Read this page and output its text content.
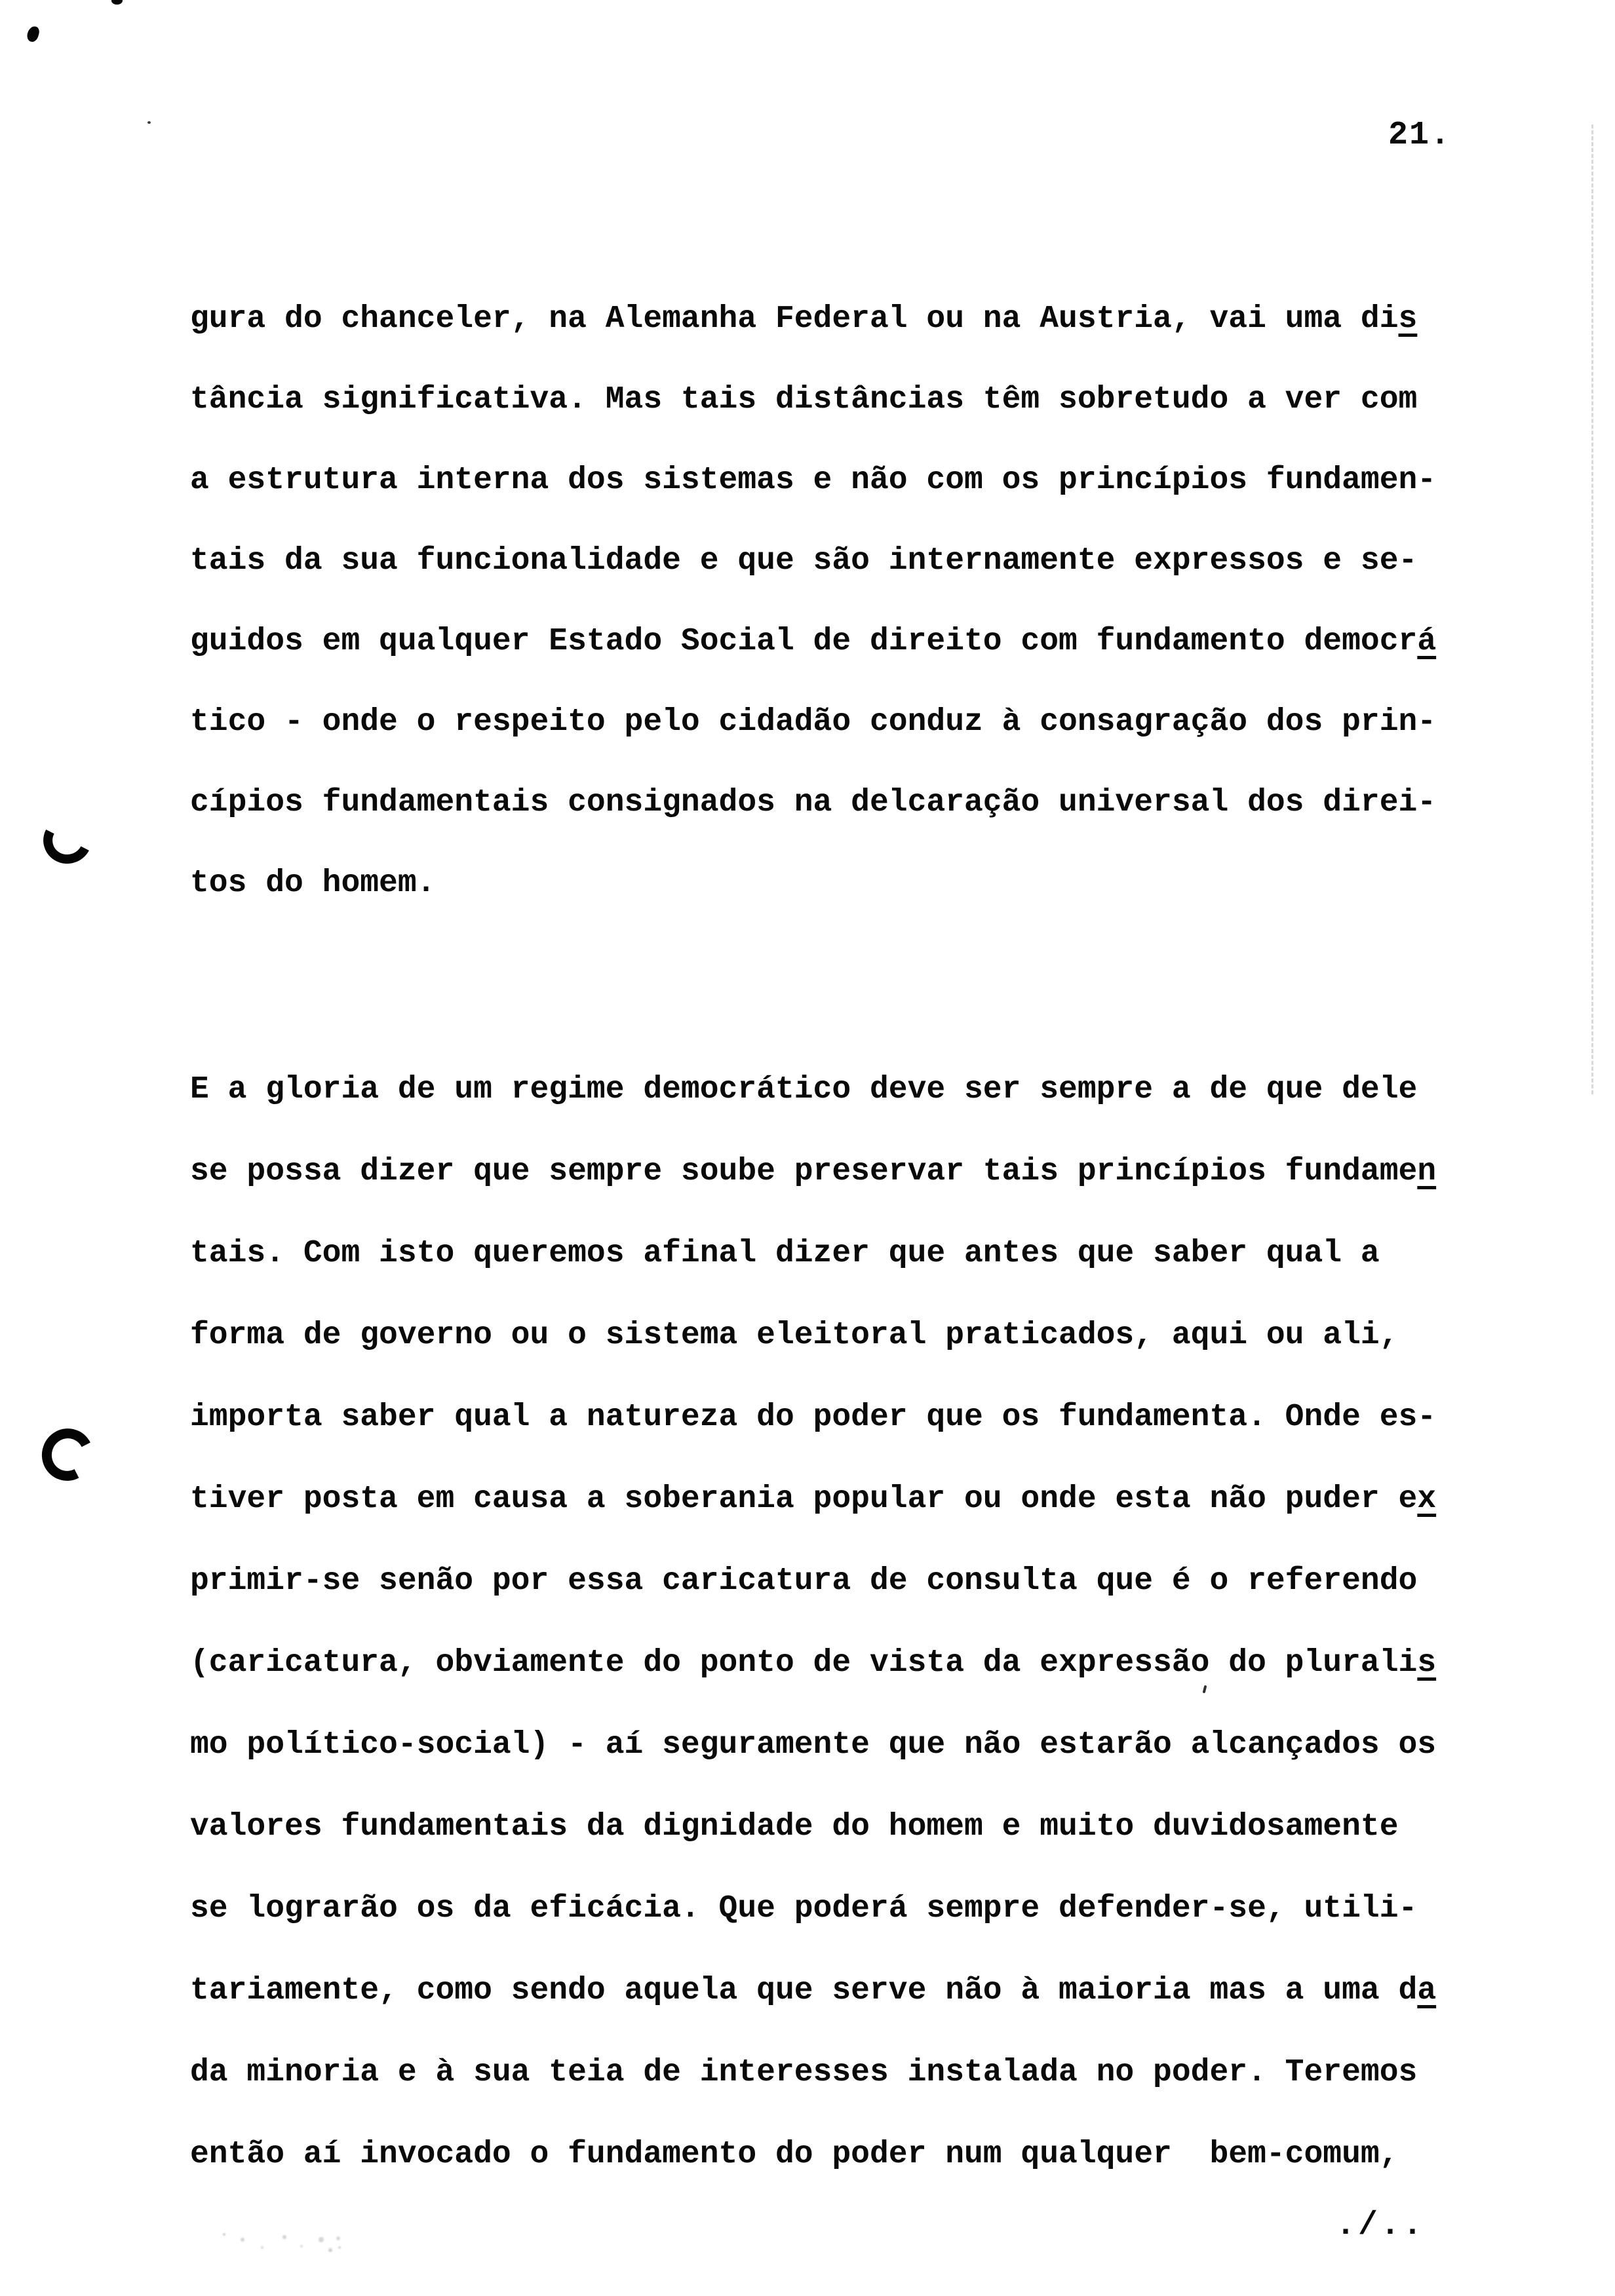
21.
gura do chanceler, na Alemanha Federal ou na Austria, vai uma dis
tância significativa. Mas tais distâncias têm sobretudo a ver com
a estrutura interna dos sistemas e não com os princípios fundamen-
tais da sua funcionalidade e que são internamente expressos e se-
guidos em qualquer Estado Social de direito com fundamento democrá
tico - onde o respeito pelo cidadão conduz à consagração dos prin-
cípios fundamentais consignados na delcaração universal dos direi-
tos do homem.
E a gloria de um regime democrático deve ser sempre a de que dele
se possa dizer que sempre soube preservar tais princípios fundamen
tais. Com isto queremos afinal dizer que antes que saber qual a
forma de governo ou o sistema eleitoral praticados, aqui ou ali,
importa saber qual a natureza do poder que os fundamenta. Onde es-
tiver posta em causa a soberania popular ou onde esta não puder ex
primir-se senão por essa caricatura de consulta que é o referendo
(caricatura, obviamente do ponto de vista da expressão do pluralis
mo político-social) - aí seguramente que não estarão alcançados os
valores fundamentais da dignidade do homem e muito duvidosamente
se lograrão os da eficácia. Que poderá sempre defender-se, utili-
tariamente, como sendo aquela que serve não à maioria mas a uma da
da minoria e à sua teia de interesses instalada no poder. Teremos
então aí invocado o fundamento do poder num qualquer  bem-comum,
./..
